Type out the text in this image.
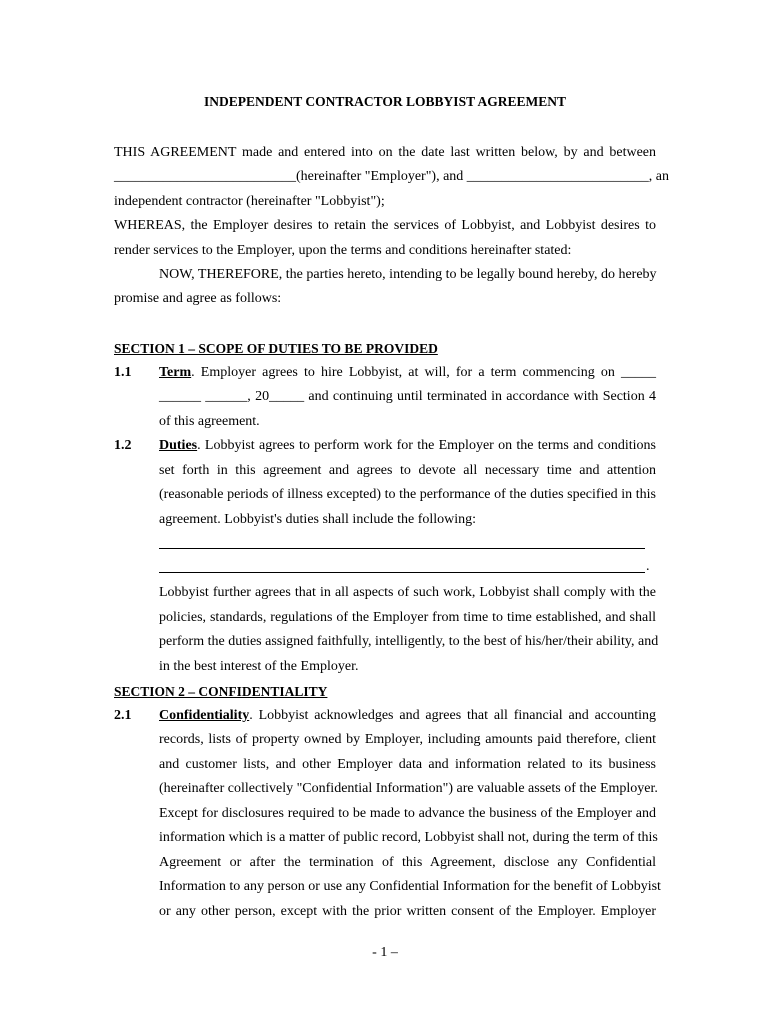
INDEPENDENT CONTRACTOR LOBBYIST AGREEMENT
THIS AGREEMENT made and entered into on the date last written below, by and between
__________________________(hereinafter "Employer"), and __________________________, an
independent contractor (hereinafter "Lobbyist");
WHEREAS, the Employer desires to retain the services of Lobbyist, and Lobbyist desires to
render services to the Employer, upon the terms and conditions hereinafter stated:
NOW, THEREFORE, the parties hereto, intending to be legally bound hereby, do hereby
promise and agree as follows:
SECTION 1 – SCOPE OF DUTIES TO BE PROVIDED
1.1 Term. Employer agrees to hire Lobbyist, at will, for a term commencing on _____
______ ______, 20_____ and continuing until terminated in accordance with Section 4
of this agreement.
1.2 Duties. Lobbyist agrees to perform work for the Employer on the terms and conditions
set forth in this agreement and agrees to devote all necessary time and attention
(reasonable periods of illness excepted) to the performance of the duties specified in this
agreement. Lobbyist's duties shall include the following:
.
Lobbyist further agrees that in all aspects of such work, Lobbyist shall comply with the
policies, standards, regulations of the Employer from time to time established, and shall
perform the duties assigned faithfully, intelligently, to the best of his/her/their ability, and
in the best interest of the Employer.
SECTION 2 – CONFIDENTIALITY
2.1 Confidentiality. Lobbyist acknowledges and agrees that all financial and accounting
records, lists of property owned by Employer, including amounts paid therefore, client
and customer lists, and other Employer data and information related to its business
(hereinafter collectively "Confidential Information") are valuable assets of the Employer.
Except for disclosures required to be made to advance the business of the Employer and
information which is a matter of public record, Lobbyist shall not, during the term of this
Agreement or after the termination of this Agreement, disclose any Confidential
Information to any person or use any Confidential Information for the benefit of Lobbyist
or any other person, except with the prior written consent of the Employer. Employer
- 1 –
